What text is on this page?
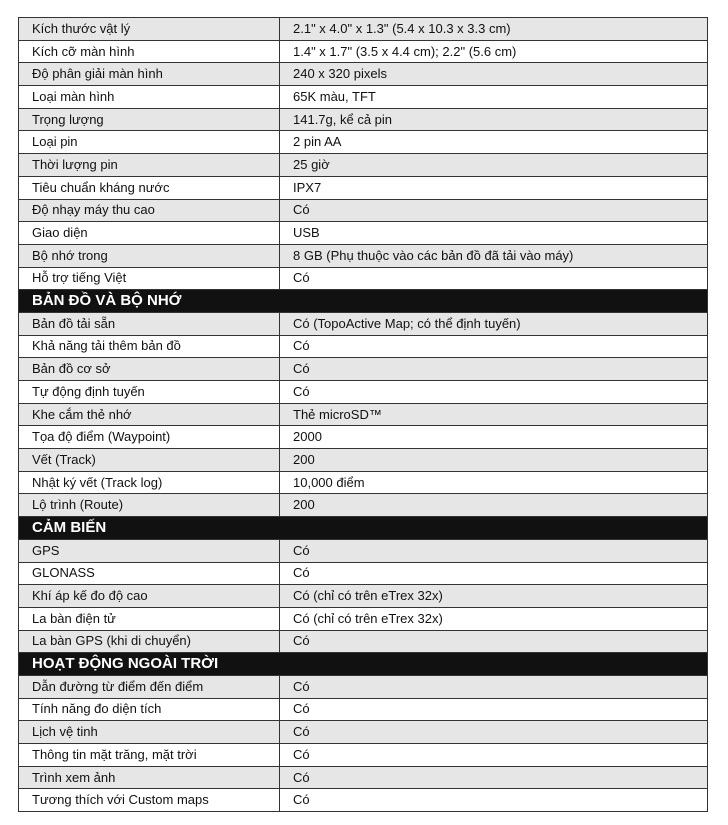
Kích thước vật lý	2.1" x 4.0" x 1.3" (5.4 x 10.3 x 3.3 cm)
Kích cỡ màn hình	1.4" x 1.7" (3.5 x 4.4 cm); 2.2" (5.6 cm)
Độ phân giải màn hình	240 x 320 pixels
Loại màn hình	65K màu, TFT
Trọng lượng	141.7g, kể cả pin
Loại pin	2 pin AA
Thời lượng pin	25 giờ
Tiêu chuẩn kháng nước	IPX7
Độ nhạy máy thu cao	Có
Giao diện	USB
Bộ nhớ trong	8 GB (Phụ thuộc vào các bản đồ đã tải vào máy)
Hỗ trợ tiếng Việt	Có
BẢN ĐỒ VÀ BỘ NHỚ	
Bản đồ tải sẵn	Có (TopoActive Map; có thể định tuyến)
Khả năng tải thêm bản đồ	Có
Bản đồ cơ sở	Có
Tự động định tuyến	Có
Khe cắm thẻ nhớ	Thẻ microSD™
Tọa độ điểm (Waypoint)	2000
Vết (Track)	200
Nhật ký vết (Track log)	10,000 điểm
Lộ trình (Route)	200
CẢM BIẾN	
GPS	Có
GLONASS	Có
Khí áp kế đo độ cao	Có (chỉ có trên eTrex 32x)
La bàn điện tử	Có (chỉ có trên eTrex 32x)
La bàn GPS (khi di chuyển)	Có
HOẠT ĐỘNG NGOÀI TRỜI	
Dẫn đường từ điểm đến điểm	Có
Tính năng đo diện tích	Có
Lịch vệ tinh	Có
Thông tin mặt trăng, mặt trời	Có
Trình xem ảnh	Có
Tương thích với Custom maps	Có
